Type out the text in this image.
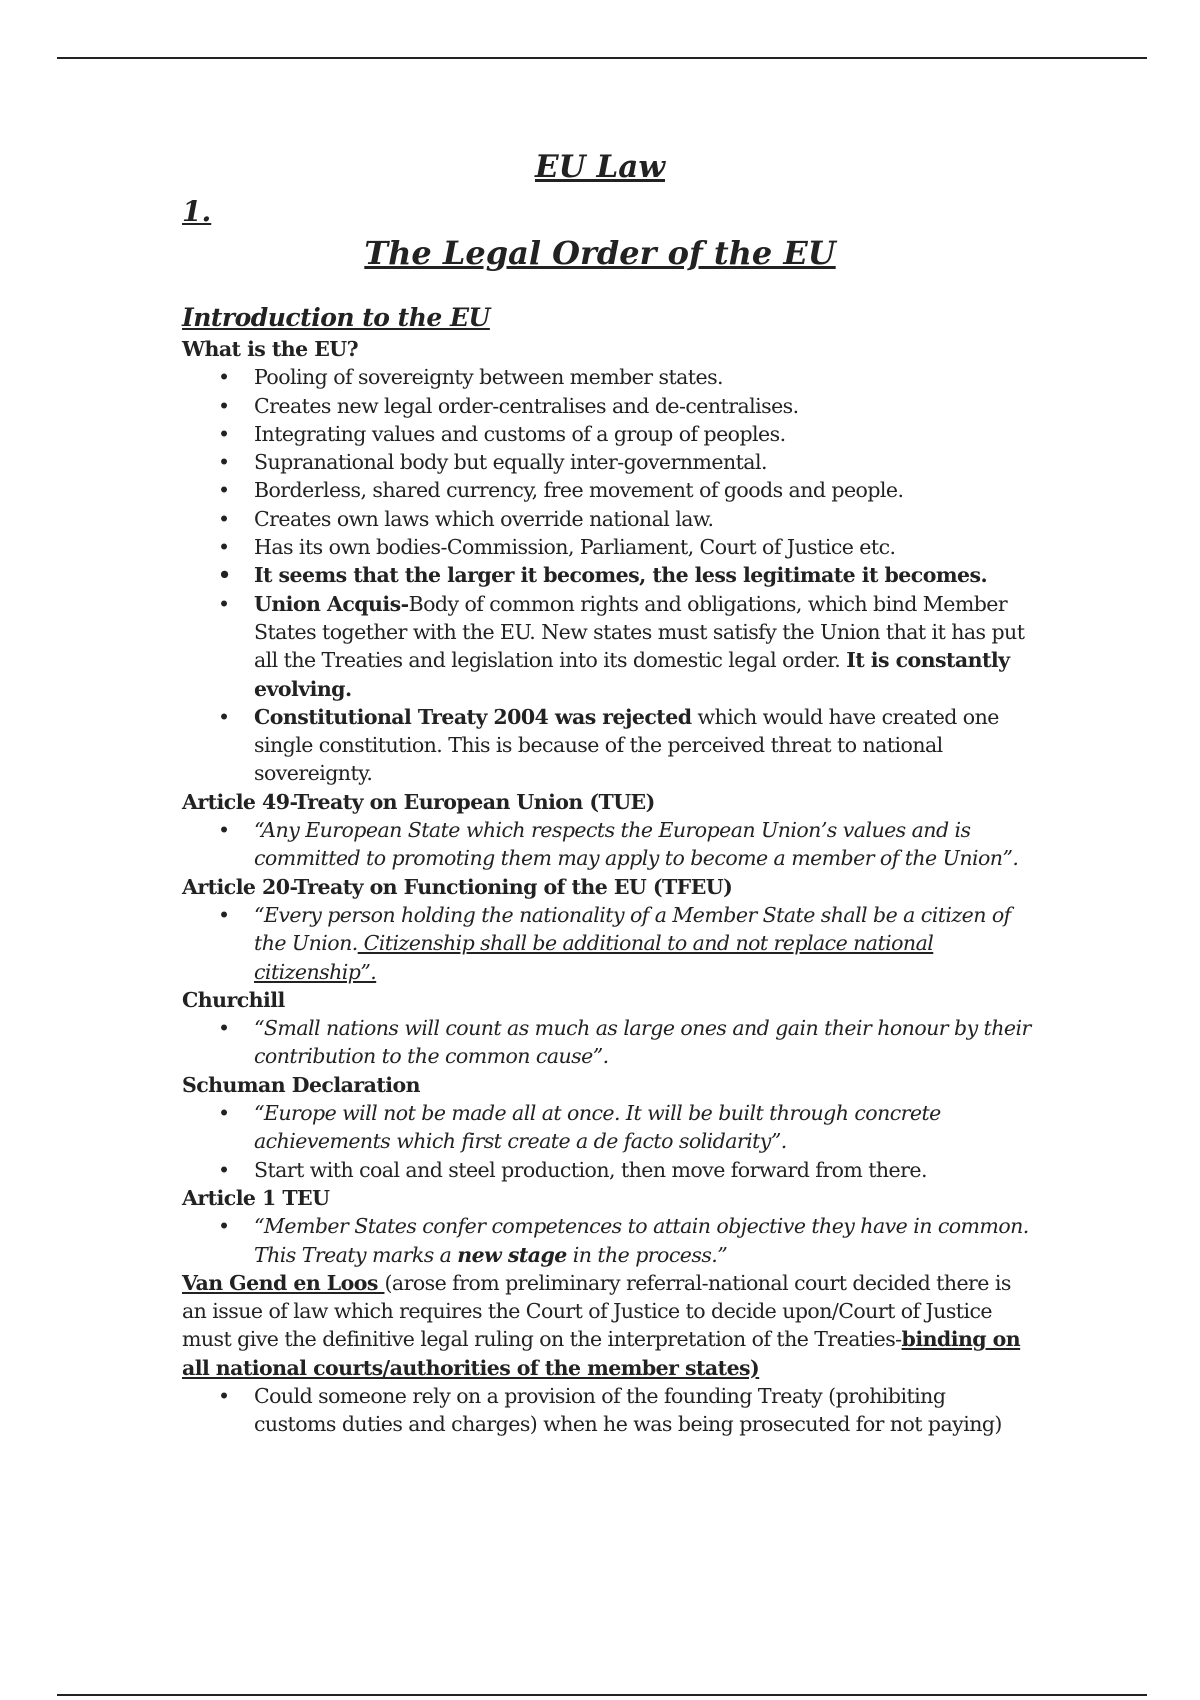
EU Law
1.
The Legal Order of the EU
Introduction to the EU

What is the EU?

• Pooling of sovereignty between member states.
• Creates new legal order-centralises and de-centralises.
• Integrating values and customs of a group of peoples.
• Supranational body but equally inter-governmental.
• Borderless, shared currency, free movement of goods and people.
• Creates own laws which override national law.
• Has its own bodies-Commission, Parliament, Court of Justice etc.
• It seems that the larger it becomes, the less legitimate it becomes.
• Union Acquis-Body of common rights and obligations, which bind Member States together with the EU. New states must satisfy the Union that it has put all the Treaties and legislation into its domestic legal order. It is constantly evolving.
• Constitutional Treaty 2004 was rejected which would have created one single constitution. This is because of the perceived threat to national sovereignty.

Article 49-Treaty on European Union (TUE)

• “Any European State which respects the European Union’s values and is committed to promoting them may apply to become a member of the Union”.

Article 20-Treaty on Functioning of the EU (TFEU)

• “Every person holding the nationality of a Member State shall be a citizen of the Union. Citizenship shall be additional to and not replace national citizenship”.

Churchill

• “Small nations will count as much as large ones and gain their honour by their contribution to the common cause”.

Schuman Declaration

• “Europe will not be made all at once. It will be built through concrete achievements which first create a de facto solidarity”.
• Start with coal and steel production, then move forward from there.

Article 1 TEU

• “Member States confer competences to attain objective they have in common. This Treaty marks a new stage in the process.”

Van Gend en Loos (arose from preliminary referral-national court decided there is an issue of law which requires the Court of Justice to decide upon/Court of Justice must give the definitive legal ruling on the interpretation of the Treaties-binding on all national courts/authorities of the member states)

• Could someone rely on a provision of the founding Treaty (prohibiting customs duties and charges) when he was being prosecuted for not paying)
